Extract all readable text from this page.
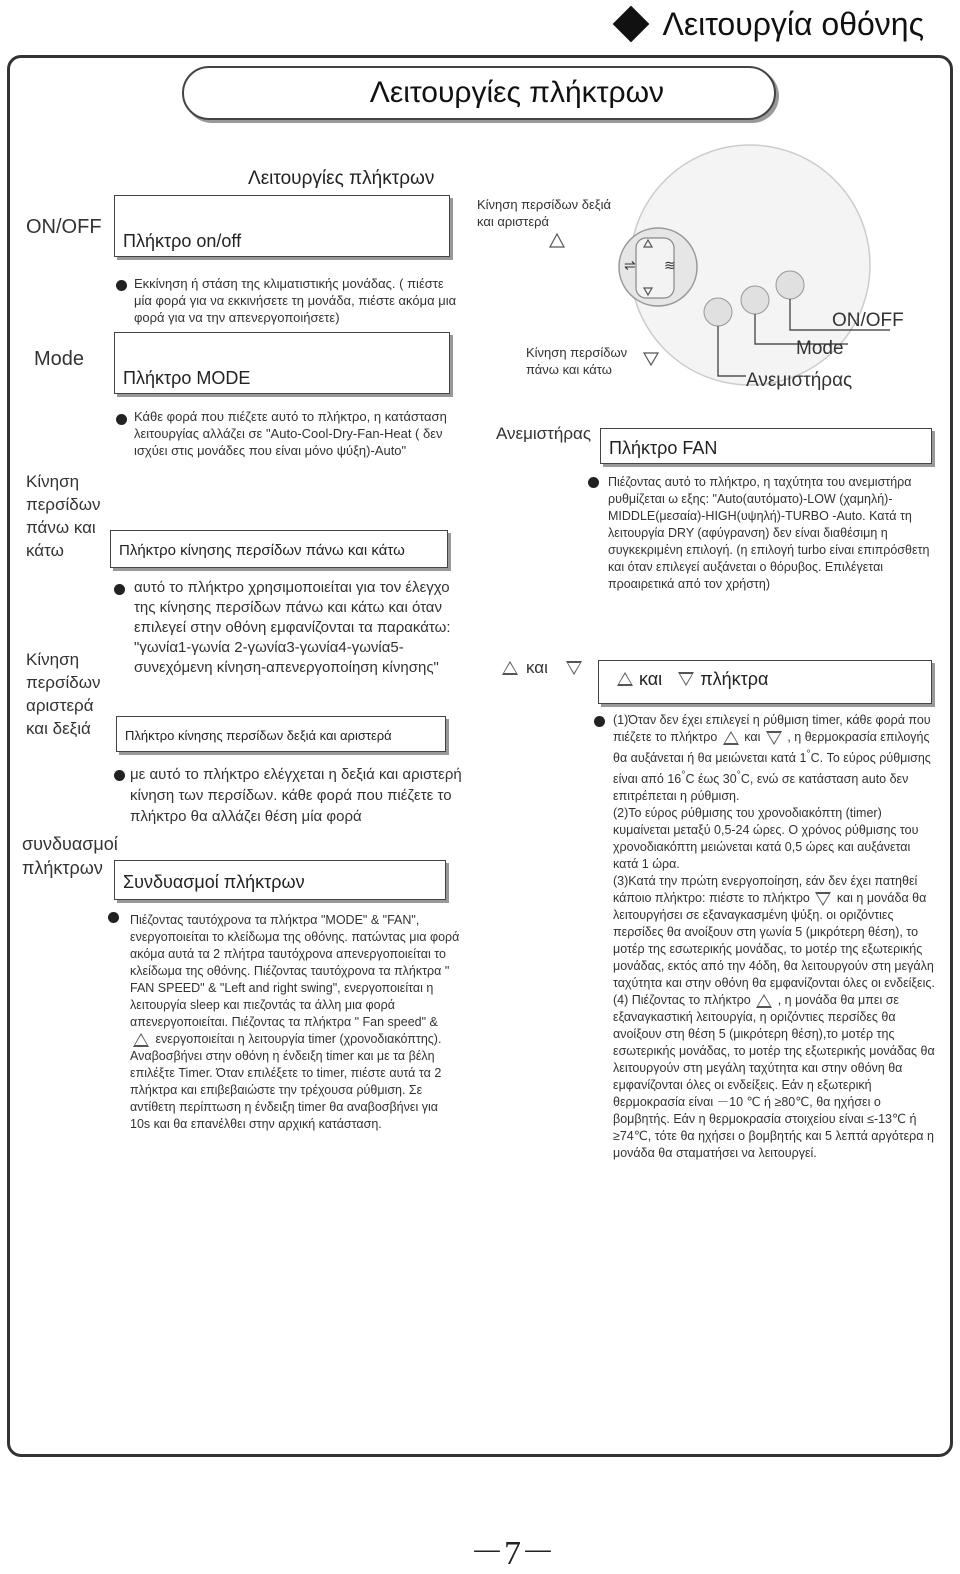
Λειτουργία οθόνης
Λειτουργίες πλήκτρων
Λειτουργίες πλήκτρων
ON/OFF
Mode
Κίνηση περσίδων πάνω και κάτω
Κίνηση περσίδων αριστερά και δεξιά
συνδυασμοί πλήκτρων
Πλήκτρο on/off
Εκκίνηση ή στάση της κλιματιστικής μονάδας. ( πιέστε μία φορά για να εκκινήσετε τη μονάδα, πιέστε ακόμα μια φορά για να την απενεργοποιήσετε)
Πλήκτρο MODE
Κάθε φορά που πιέζετε αυτό το πλήκτρο, η κατάσταση λειτουργίας αλλάζει σε "Auto-Cool-Dry-Fan-Heat ( δεν ισχύει στις μονάδες που είναι μόνο ψύξη)-Auto"
Πλήκτρο κίνησης περσίδων πάνω και κάτω
αυτό το πλήκτρο χρησιμοποιείται για τον έλεγχο της κίνησης περσίδων πάνω και κάτω και όταν επιλεγεί στην οθόνη εμφανίζονται τα παρακάτω: "γωνία1-γωνία 2-γωνία3-γωνία4-γωνία5-συνεχόμενη κίνηση-απενεργοποίηση κίνησης"
Πλήκτρο κίνησης περσίδων δεξιά και αριστερά
με αυτό το πλήκτρο ελέγχεται η δεξιά και αριστερή κίνηση των περσίδων. κάθε φορά που πιέζετε το πλήκτρο θα αλλάζει θέση μία φορά
Συνδυασμοί πλήκτρων
Πιέζοντας ταυτόχρονα τα πλήκτρα "MODE" & "FAN", ενεργοποιείται το κλείδωμα της οθόνης. πατώντας μια φορά ακόμα αυτά τα 2 πλήτρα ταυτόχρονα απενεργοποιείται το κλείδωμα της οθόνης. Πιέζοντας ταυτόχρονα τα πλήκτρα " FAN SPEED" & "Left and right swing", ενεργοποιείται η λειτουργία sleep και πιεζοντάς τα άλλη μια φορά απενεργοποιείται. Πιέζοντας τα πλήκτρα " Fan speed" &  ενεργοποιείται η λειτουργία timer (χρονοδιακόπτης). Αναβοσβήνει στην οθόνη η ένδειξη timer και με τα βέλη επιλέξτε Timer. Όταν επιλέξετε το timer, πιέστε αυτά τα 2 πλήκτρα και επιβεβαιώστε την τρέχουσα ρύθμιση. Σε αντίθετη περίπτωση η ένδειξη timer θα αναβοσβήνει για 10s και θα επανέλθει στην αρχική κατάσταση.
⇌ ≋
Κίνηση περσίδων δεξιά και αριστερά
Κίνηση περσίδων πάνω και κάτω
ON/OFF
Mode
Ανεμιστήρας
Ανεμιστήρας
Πλήκτρο FAN
Πιέζοντας αυτό το πλήκτρο, η ταχύτητα του ανεμιστήρα ρυθμίζεται ω εξης: "Auto(αυτόματο)-LOW (χαμηλή)-MIDDLE(μεσαία)-HIGH(υψηλή)-TURBO -Auto. Κατά τη λειτουργία DRY (αφύγρανση) δεν είναι διαθέσιμη η συγκεκριμένη επιλογή. (η επιλογή turbo είναι επιπρόσθετη και όταν επιλεγεί αυξάνεται ο θόρυβος. Επιλέγεται προαιρετικά από τον χρήστη)
και
και πλήκτρα
(1)Όταν δεν έχει επιλεγεί η ρύθμιση timer, κάθε φορά που πιέζετε το πλήκτρο και , η θερμοκρασία επιλογής θα αυξάνεται ή θα μειώνεται κατά 1°C. Το εύρος ρύθμισης είναι από 16°C έως 30°C, ενώ σε κατάσταση auto δεν επιτρέπεται η ρύθμιση.
(2)Το εύρος ρύθμισης του χρονοδιακόπτη (timer) κυμαίνεται μεταξύ 0,5-24 ώρες. Ο χρόνος ρύθμισης του χρονοδιακόπτη μειώνεται κατά 0,5 ώρες και αυξάνεται κατά 1 ώρα.
(3)Κατά την πρώτη ενεργοποίηση, εάν δεν έχει πατηθεί κάποιο πλήκτρο: πιέστε το πλήκτρο και η μονάδα θα λειτουργήσει σε εξαναγκασμένη ψύξη. οι οριζόντιες περσίδες θα ανοίξουν στη γωνία 5 (μικρότερη θέση), το μοτέρ της εσωτερικής μονάδας, το μοτέρ της εξωτερικής μονάδας, εκτός από την 4όδη, θα λειτουργούν στη μεγάλη ταχύτητα και στην οθόνη θα εμφανίζονται όλες οι ενδείξεις.
(4) Πιέζοντας το πλήκτρο , η μονάδα θα μπει σε εξαναγκαστική λειτουργία, η οριζόντιες περσίδες θα ανοίξουν στη θέση 5 (μικρότερη θέση),το μοτέρ της εσωτερικής μονάδας, το μοτέρ της εξωτερικής μονάδας θα λειτουργούν στη μεγάλη ταχύτητα και στην οθόνη θα εμφανίζονται όλες οι ενδείξεις. Εάν η εξωτερική θερμοκρασία είναι －10 ℃ ή ≥80℃, θα ηχήσει ο βομβητής. Εάν η θερμοκρασία στοιχείου είναι ≤-13℃ ή ≥74℃, τότε θα ηχήσει ο βομβητής και 5 λεπτά αργότερα η μονάδα θα σταματήσει να λειτουργεί.
－7－
